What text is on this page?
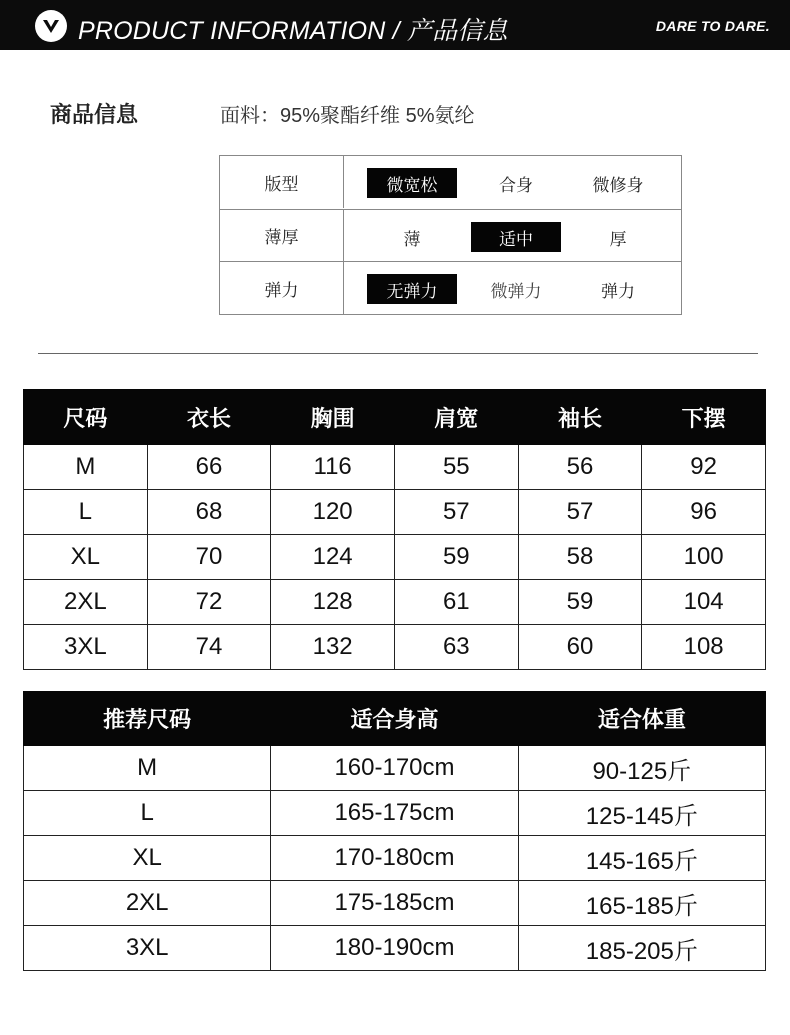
PRODUCT INFORMATION / 产品信息	DARE TO DARE.
商品信息	面料：95%聚酯纤维 5%氨纶
版型	微宽松	合身	微修身
薄厚	薄	适中	厚
弹力	无弹力	微弹力	弹力
尺码	衣长	胸围	肩宽	袖长	下摆
M	66	116	55	56	92
L	68	120	57	57	96
XL	70	124	59	58	100
2XL	72	128	61	59	104
3XL	74	132	63	60	108
推荐尺码	适合身高	适合体重
M	160-170cm	90-125斤
L	165-175cm	125-145斤
XL	170-180cm	145-165斤
2XL	175-185cm	165-185斤
3XL	180-190cm	185-205斤
